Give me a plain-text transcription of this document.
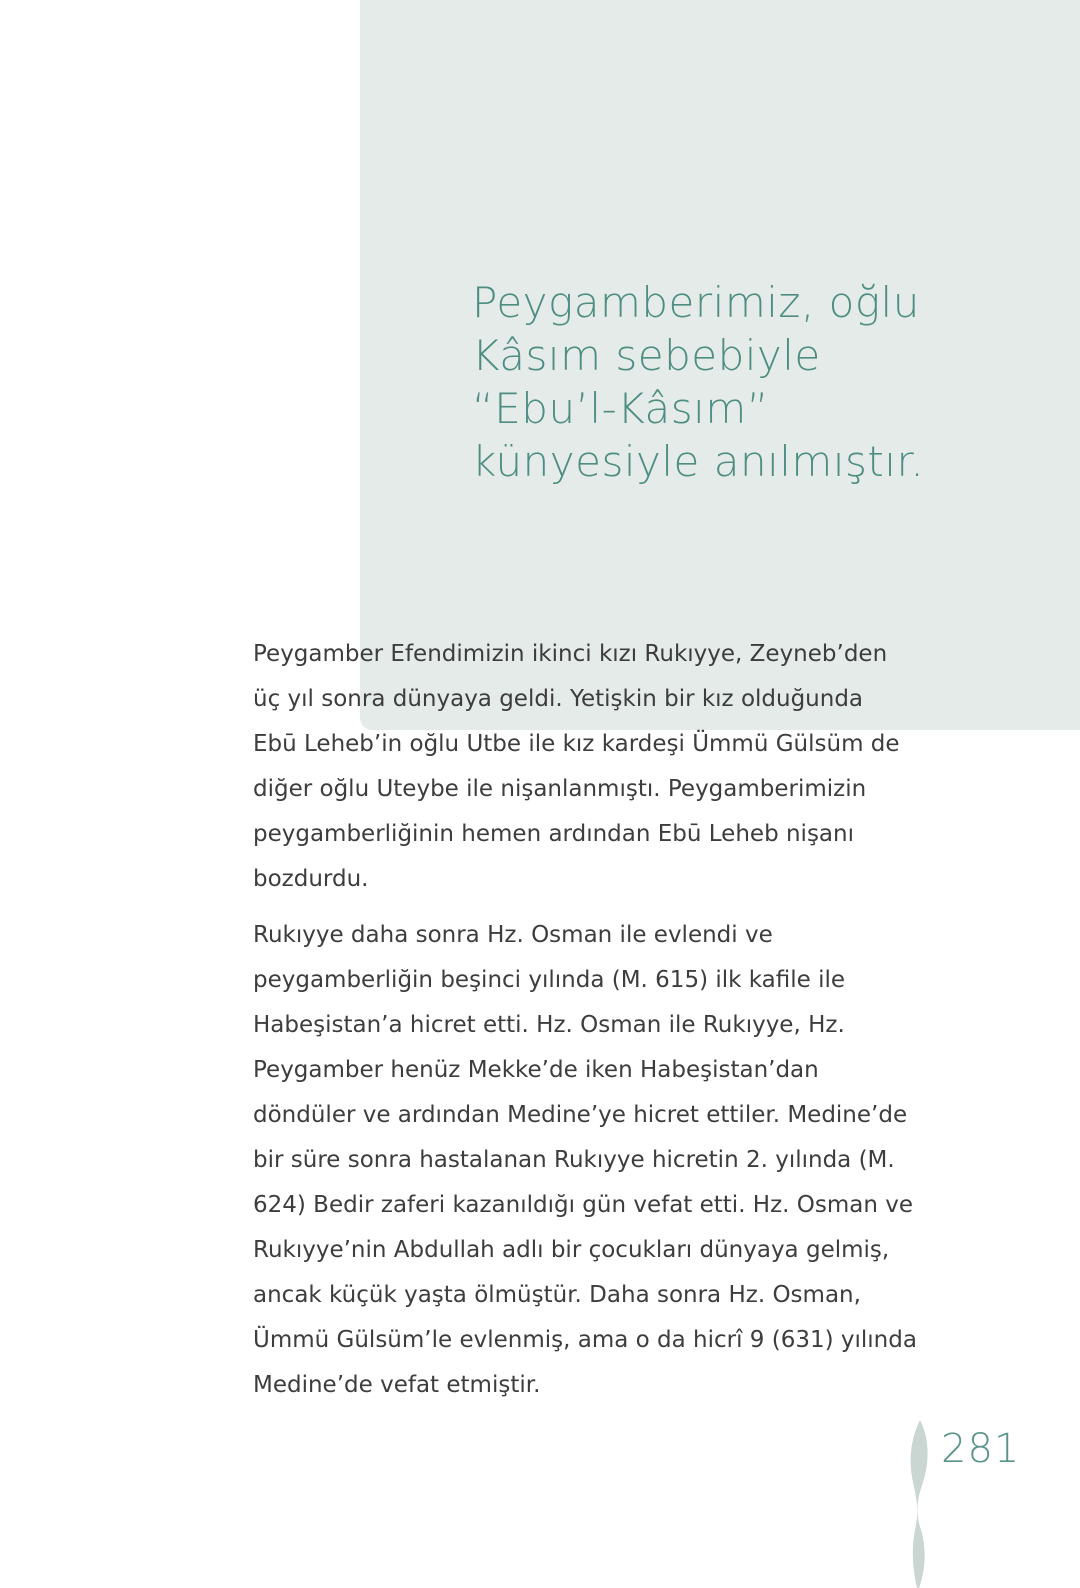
Peygamberimiz, oğlu
Kâsım sebebiyle
“Ebu’l-Kâsım”
künyesiyle anılmıştır.

Peygamber Efendimizin ikinci kızı Rukıyye, Zeyneb’den
üç yıl sonra dünyaya geldi. Yetişkin bir kız olduğunda
Ebū Leheb’in oğlu Utbe ile kız kardeşi Ümmü Gülsüm de
diğer oğlu Uteybe ile nişanlanmıştı. Peygamberimizin
peygamberliğinin hemen ardından Ebū Leheb nişanı
bozdurdu.

Rukıyye daha sonra Hz. Osman ile evlendi ve
peygamberliğin beşinci yılında (M. 615) ilk kafile ile
Habeşistan’a hicret etti. Hz. Osman ile Rukıyye, Hz.
Peygamber henüz Mekke’de iken Habeşistan’dan
döndüler ve ardından Medine’ye hicret ettiler. Medine’de
bir süre sonra hastalanan Rukıyye hicretin 2. yılında (M.
624) Bedir zaferi kazanıldığı gün vefat etti. Hz. Osman ve
Rukıyye’nin Abdullah adlı bir çocukları dünyaya gelmiş,
ancak küçük yaşta ölmüştür. Daha sonra Hz. Osman,
Ümmü Gülsüm’le evlenmiş, ama o da hicrî 9 (631) yılında
Medine’de vefat etmiştir.

281
